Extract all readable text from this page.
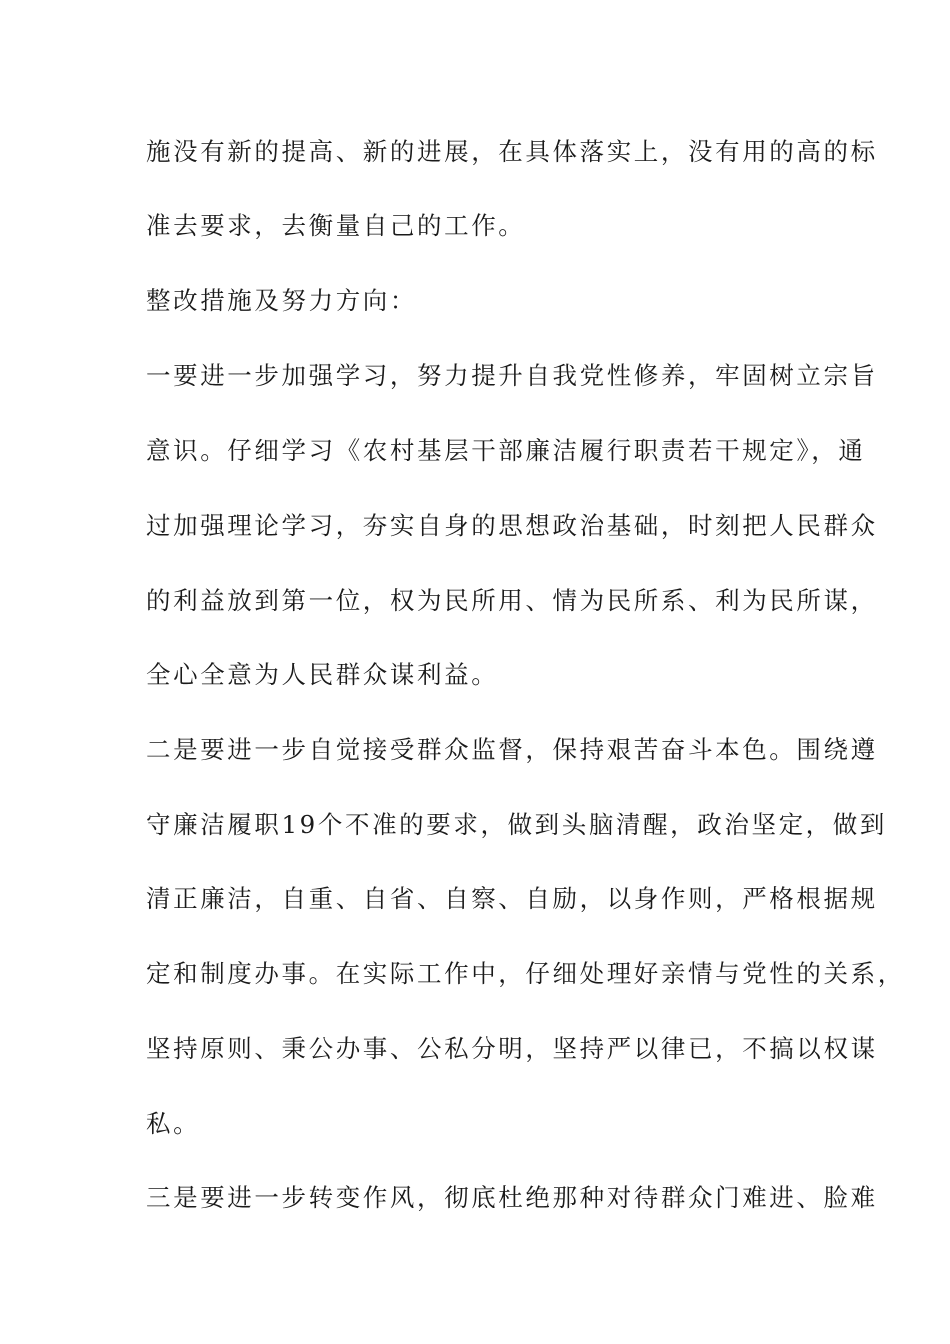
施没有新的提高、新的进展，在具体落实上，没有用的高的标
准去要求，去衡量自己的工作。
整改措施及努力方向：
一要进一步加强学习，努力提升自我党性修养，牢固树立宗旨
意识。仔细学习《农村基层干部廉洁履行职责若干规定》，通
过加强理论学习，夯实自身的思想政治基础，时刻把人民群众
的利益放到第一位，权为民所用、情为民所系、利为民所谋，
全心全意为人民群众谋利益。
二是要进一步自觉接受群众监督，保持艰苦奋斗本色。围绕遵
守廉洁履职19个不准的要求，做到头脑清醒，政治坚定，做到
清正廉洁，自重、自省、自察、自励，以身作则，严格根据规
定和制度办事。在实际工作中，仔细处理好亲情与党性的关系，
坚持原则、秉公办事、公私分明，坚持严以律已，不搞以权谋
私。
三是要进一步转变作风，彻底杜绝那种对待群众门难进、脸难
